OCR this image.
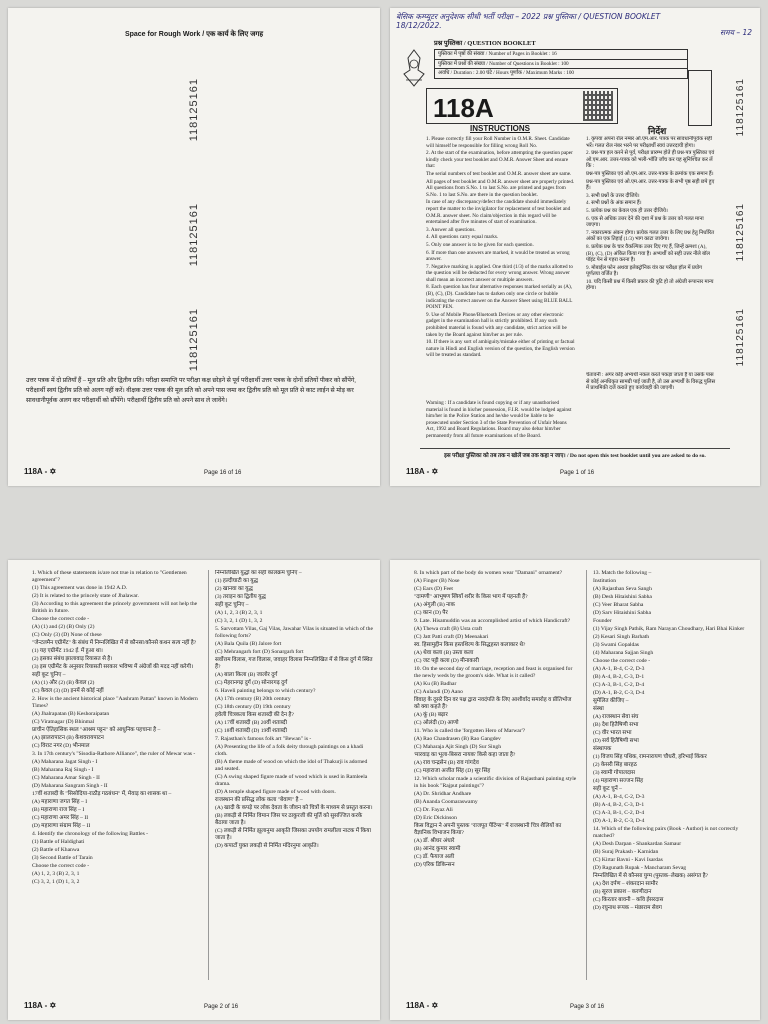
Space for Rough Work / एक कार्य के लिए जगह
118125161
118125161
118125161
उत्तर पत्रक में दो प्रतियाँ हैं – मूल प्रति और द्वितीय प्रति। परीक्षा समाप्ति पर परीक्षा कक्ष छोड़ने से पूर्व परीक्षार्थी उत्तर पत्रक के दोनों प्रतियों पीकर को सौंपेंगे, परीक्षार्थी स्वयं द्वितीय प्रति को अलग नहीं करें। वीक्षक उत्तर पत्रक की मूल प्रति को अपने पास जमा कर द्वितीय प्रति को मूल प्रति से काट लाईन से मोड़ कर सावधानीपूर्वक अलग कर परीक्षार्थी को सौंपेंगे। परीक्षार्थी द्वितीय प्रति को अपने साथ ले जावेंगे।
118A - ✡	Page 16 of 16
बेसिक कम्प्यूटर अनुदेशक सीधी भर्ती परीक्षा – 2022 प्रश्न पुस्तिका / QUESTION BOOKLET 18/12/2022.
समय – 12
प्रश्न पुस्तिका / QUESTION BOOKLET
पुस्तिका में पृष्ठों की संख्या / Number of Pages in Booklet : 16
पुस्तिका में प्रश्नों की संख्या / Number of Questions in Booklet : 100
अवधि / Duration : 2.00 घंटे / Hours पूर्णांक / Maximum Marks : 100
118A	118125161
INSTRUCTIONS	निर्देश
1. Please correctly fill your Roll Number in O.M.R. Sheet. Candidate will himself be responsible for filling wrong Roll No.
2. At the start of the examination, before attempting the question paper kindly check your test booklet and O.M.R. Answer Sheet and ensure that:
The serial numbers of test booklet and O.M.R. answer sheet are same.
All pages of test booklet and O.M.R. answer sheet are properly printed. All questions from S.No. 1 to last S.No. are printed and pages from S.No. 1 to last S.No. are there in the question booklet.
In case of any discrepancy/defect the candidate should immediately report the matter to the invigilator for replacement of test booklet and O.M.R. answer sheet. No claim/objection in this regard will be entertained after five minutes of start of examination.
3. Answer all questions.
4. All questions carry equal marks.
5. Only one answer is to be given for each question.
6. If more than one answers are marked, it would be treated as wrong answer.
7. Negative marking is applied. One third (1/3) of the marks allotted to the question will be deducted for every wrong answer. Wrong answer shall mean an incorrect answer or multiple answers.
8. Each question has four alternative responses marked serially as (A), (B), (C), (D). Candidate has to darken only one circle or bubble indicating the correct answer on the Answer Sheet using BLUE BALL POINT PEN.
9. Use of Mobile Phone/Bluetooth Devices or any other electronic gadget in the examination hall is strictly prohibited. If any such prohibited material is found with any candidate, strict action will be taken by the Board against him/her as per rule.
10. If there is any sort of ambiguity/mistake either of printing or factual nature in Hindi and English version of the question, the English version will be treated as standard.
1. कृपया अपना रोल नम्बर ओ.एम.आर. पत्रक पर सावधानीपूर्वक सही भरें। गलत रोल नंबर भरने पर परीक्षार्थी स्वयं उत्तरदायी होगा।
2. प्रश्न-पत्र हल करने से पूर्व, परीक्षा प्रारम्भ होते ही प्रश्न-पत्र पुस्तिका एवं ओ.एम.आर. उत्तर-पत्रक को भली-भाँति जाँच कर यह सुनिश्चित कर लें कि :
प्रश्न-पत्र पुस्तिका एवं ओ.एम.आर. उत्तर-पत्रक के क्रमांक एक समान हैं।
प्रश्न-पत्र पुस्तिका एवं ओ.एम.आर. उत्तर-पत्रक के सभी पृष्ठ सही छपे हुए हैं।
3. सभी प्रश्नों के उत्तर दीजिये।
4. सभी प्रश्नों के अंक समान हैं।
5. प्रत्येक प्रश्न का केवल एक ही उत्तर दीजिये।
6. एक से अधिक उत्तर देने की दशा में प्रश्न के उत्तर को गलत माना जाएगा।
7. नकारात्मक अंकन होगा। प्रत्येक गलत उत्तर के लिए प्रश्न हेतु निर्धारित अंकों का एक तिहाई (1/3) भाग काटा जायेगा।
8. प्रत्येक प्रश्न के चार वैकल्पिक उत्तर दिए गए हैं, जिन्हें क्रमशः (A), (B), (C), (D) अंकित किया गया है। अभ्यर्थी को सही उत्तर नीले बॉल पॉइंट पेन से गहरा करना है।
9. मोबाईल फोन अथवा इलेक्ट्रॉनिक यंत्र का परीक्षा हॉल में प्रयोग पूर्णतया वर्जित है।
10. यदि किसी प्रश्न में किसी प्रकार की त्रुटि हो तो अंग्रेजी रूपान्तर मान्य होगा।
118125161
118125161
Warning : If a candidate is found copying or if any unauthorised material is found in his/her possession, F.I.R. would be lodged against him/her in the Police Station and he/she would be liable to be prosecuted under Section 3 of the State Prevention of Unfair Means Act, 1992 and Board Regulations. Board may also debar him/her permanently from all future examinations of the Board.
चेतावनी : अगर कोई अभ्यर्थी नकल करते पकड़ा जाता है या उसके पास से कोई अनधिकृत सामग्री पाई जाती है, तो उस अभ्यर्थी के विरुद्ध पुलिस में प्राथमिकी दर्ज कराते हुए कार्यवाही की जाएगी।
इस परीक्षा पुस्तिका को तब तक न खोलें जब तक कहा न जाए। / Do not open this test booklet until you are asked to do so.
118A - ✡	Page 1 of 16
1. Which of these statements is/are not true in relation to "Gentlemen agreement"?
(1) This agreement was done in 1942 A.D.
(2) It is related to the princely state of Jhalawar.
(3) According to this agreement the princely government will not help the British in future.
Choose the correct code -
(A) (1) and (2) (B) Only (2)
(C) Only (3) (D) None of these
"जेन्टलमैन एग्रीमेंट" के संबंध में निम्नलिखित में से कौनसा/कौनसे कथन सत्य नहीं है?
(1) यह एग्रीमेंट 1942 ई. में हुआ था।
(2) इसका संबंध झालावाड़ रियासत से है।
(3) इस एग्रीमेंट के अनुसार रियासती सरकार भविष्य में अंग्रेजों की मदद नहीं करेगी।
सही कूट चुनिए –
(A) (1) और (2) (B) केवल (2)
(C) केवल (3) (D) इनमें से कोई नहीं
2. How is the ancient historical place "Aashram Pattan" known in Modern Times?
(A) Jhalrapatan (B) Keshoraipatan
(C) Viratnagar (D) Bhinmal
प्राचीन ऐतिहासिक स्थल "आश्रम पट्टन" को आधुनिक पहचाना है –
(A) झालरापाटन (B) केशवरायपाटन
(C) विराट नगर (D) भीनमाल
3. In 17th century's "Sisodia-Rathore Alliance", the ruler of Mewar was -
(A) Maharana Jagat Singh - I
(B) Maharana Raj Singh - I
(C) Maharana Amar Singh - II
(D) Maharana Sangram Singh - II
17वीं शताब्दी के "सिसोदिया-राठौड़ गठबंधन" में, मेवाड़ का शासक था –
(A) महाराणा जगत सिंह – I
(B) महाराणा राज सिंह – I
(C) महाराणा अमर सिंह – II
(D) महाराणा संग्राम सिंह – II
4. Identify the chronology of the following Battles -
(1) Battle of Haldighati
(2) Battle of Khanwa
(3) Second Battle of Tarain
Choose the correct code -
(A) 1, 2, 3 (B) 2, 3, 1
(C) 3, 2, 1 (D) 1, 3, 2
निम्नलिखित युद्धों का सही कालक्रम चुनिए –
(1) हल्दीघाटी का युद्ध
(2) खानवा का युद्ध
(3) तराइन का द्वितीय युद्ध
सही कूट चुनिए –
(A) 1, 2, 3 (B) 2, 3, 1
(C) 3, 2, 1 (D) 1, 3, 2
5. Sarvottam Vilas, Gaj Vilas, Jawahar Vilas is situated in which of the following forts?
(A) Bala Quila (B) Jalore fort
(C) Mehrangarh fort (D) Sonargarh fort
सर्वोत्तम विलास, गज विलास, जवाहर विलास निम्नलिखित में से किस दुर्ग में स्थित हैं?
(A) बाला किला (B) जालोर दुर्ग
(C) मेहरानगढ़ दुर्ग (D) सोनारगढ़ दुर्ग
6. Haveli painting belongs to which century?
(A) 17th century (B) 20th century
(C) 18th century (D) 19th century
हवेली चित्रकला किस शताब्दी की देन है?
(A) 17वीं शताब्दी (B) 20वीं शताब्दी
(C) 18वीं शताब्दी (D) 19वीं शताब्दी
7. Rajasthan's famous folk art "Bewan" is -
(A) Presenting the life of a folk deity through paintings on a khadi cloth.
(B) A theme made of wood on which the idol of Thakurji is adorned and seated.
(C) A swing shaped figure made of wood which is used in Ramleela drama.
(D) A temple shaped figure made of wood with doors.
राजस्थान की प्रसिद्ध लोक कला "बेवाण" है –
(A) खादी के कपड़े पर लोक देवता के जीवन को चित्रों के माध्यम से प्रस्तुत करना।
(B) लकड़ी से निर्मित विमान जिस पर ठाकुरजी की मूर्ति को सुसज्जित करके बैठाया जाता है।
(C) लकड़ी से निर्मित झूलानुमा आकृति जिसका उपयोग रामलीला नाटक में किया जाता है।
(D) कपाटों युक्त लकड़ी से निर्मित मंदिरनुमा आकृति।
118A - ✡	Page 2 of 16
8. In which part of the body do women wear "Damani" ornament?
(A) Finger (B) Nose
(C) Ears (D) Feet
"दामणी" आभूषण स्त्रियाँ शरीर के किस भाग में पहनती हैं?
(A) अंगुली (B) नाक
(C) कान (D) पैर
9. Late. Hisamuddin was an accomplished artist of which Handicraft?
(A) Thewa craft (B) Usta craft
(C) Jatt Patti craft (D) Meenakari
स्व. हिसामुद्दीन किस हस्तशिल्प के सिद्धहस्त कलाकार थे?
(A) थेवा कला (B) उस्ता कला
(C) जट पट्टी कला (D) मीनाकारी
10. On the second day of marriage, reception and feast is organised for the newly weds by the groom's side. What is it called?
(A) Ku (B) Badhar
(C) Aulandi (D) Aano
विवाह के दूसरे दिन वर पक्ष द्वारा नवदंपति के लिए आशीर्वाद समारोह व प्रीतिभोज को क्या कहते हैं?
(A) कूं (B) बढ़ार
(C) ओलंदी (D) आणो
11. Who is called the 'forgotten Hero of Marwar'?
(A) Rao Chandrasen (B) Rao Gangdev
(C) Maharaja Ajit Singh (D) Sur Singh
'मारवाड़ का भूला-बिसरा नायक' किसे कहा जाता है?
(A) राव चन्द्रसेन (B) राव गांगदेव
(C) महाराजा अजीत सिंह (D) सूर सिंह
12. Which scholar made a scientific division of Rajasthani painting style in his book "Rajput paintings"?
(A) Dr. Shridhar Andhare
(B) Ananda Coomaraswamy
(C) Dr. Fayaz Ali
(D) Eric Dickinson
किस विद्वान ने अपनी पुस्तक "राजपूत पेंटिंग्स" में राजस्थानी चित्र शैलियों का वैज्ञानिक विभाजन किया?
(A) डॉ. श्रीधर अंधारे
(B) आनंद कुमार स्वामी
(C) डॉ. फैयाज अली
(D) एरिक डिकिन्सन
13. Match the following –
Institution
(A) Rajasthan Seva Sangh
(B) Desh Hitaishini Sabha
(C) Veer Bharat Sabha
(D) Sarv Hitaishini Sabha
Founder
(1) Vijay Singh Pathik, Ram Narayan Choudhary, Hari Bhai Kinker
(2) Kesari Singh Barhath
(3) Swami Gopaldas
(4) Maharana Sajjan Singh
Choose the correct code -
(A) A-1, B-4, C-2, D-3
(B) A-4, B-2, C-3, D-1
(C) A-3, B-1, C-2, D-4
(D) A-1, B-2, C-3, D-4
सुमेलित कीजिए –
संस्था
(A) राजस्थान सेवा संघ
(B) देश हितैषिणी सभा
(C) वीर भारत सभा
(D) सर्व हितैषिणी सभा
संस्थापक
(1) विजय सिंह पथिक, रामनारायण चौधरी, हरिभाई किंकर
(2) केसरी सिंह बारहठ
(3) स्वामी गोपालदास
(4) महाराणा सज्जन सिंह
सही कूट चुनें –
(A) A-1, B-4, C-2, D-3
(B) A-4, B-2, C-3, D-1
(C) A-3, B-1, C-2, D-4
(D) A-1, B-2, C-3, D-4
14. Which of the following pairs (Book - Author) is not correctly matched?
(A) Desh Darpan - Shankardan Samaur
(B) Suraj Prakash - Karnidan
(C) Kirtar Bavni - Kavi Isardas
(D) Ragunath Rupak - Mancharam Sevag
निम्नलिखित में से कौनसा युग्म (पुस्तक–लेखक) असंगत है?
(A) देश दर्पण – शंकरदान सामौर
(B) सूरज प्रकाश – करणीदान
(C) किरतार बावनी – कवि ईसरदास
(D) रघुनाथ रूपक – मंछाराम सेवग
118A - ✡	Page 3 of 16
